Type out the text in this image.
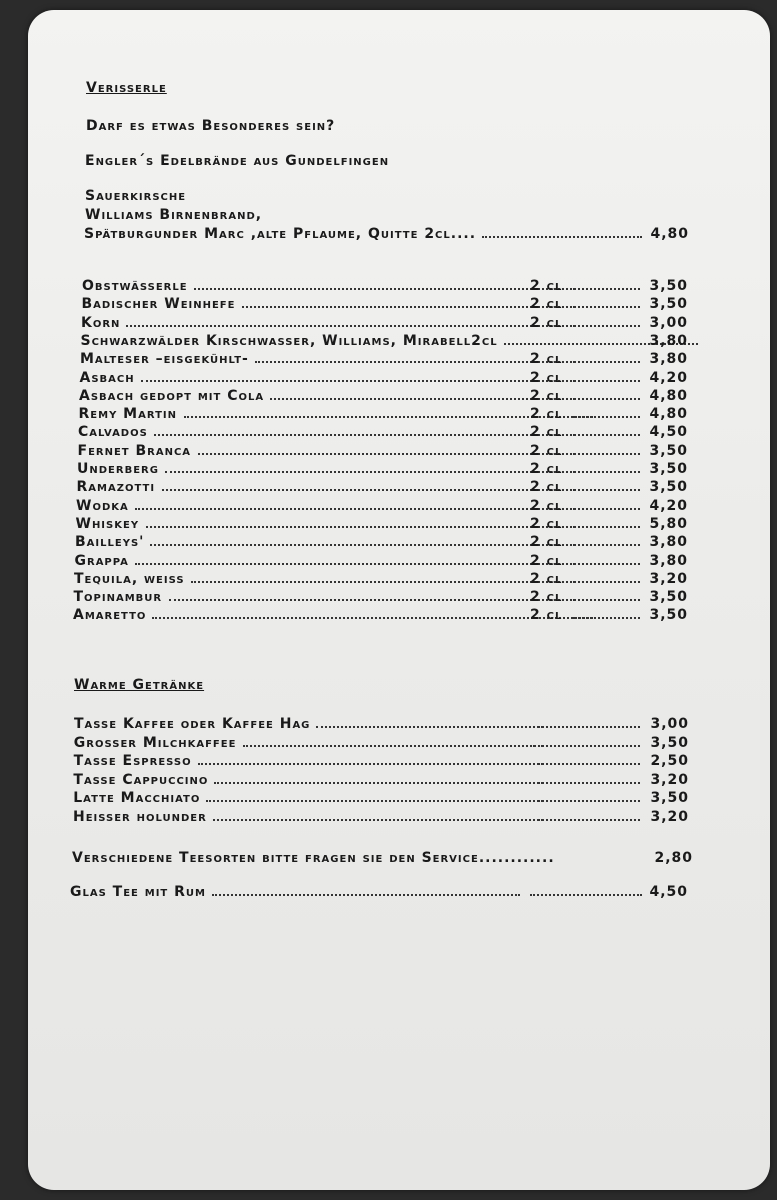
Verisserle

Darf es etwas Besonderes sein?

Engler´s Edelbrände aus Gundelfingen

Sauerkirsche

Williams Birnenbrand,

Spätburgunder Marc ,alte Pflaume, Quitte 2cl....	4,80

Obstwässerle	2 cl	3,50

Badischer Weinhefe	2 cl	3,50

Korn	2 cl	3,00

Schwarzwälder Kirschwasser, Williams, Mirabell2cl	3,80

Malteser –eisgekühlt-	2 cl	3,80

Asbach	2 cl	4,20

Asbach gedopt mit Cola	2 cl	4,80

Remy Martin	2 cl	4,80

Calvados	2 cl	4,50

Fernet Branca	2 cl	3,50

Underberg	2 cl	3,50

Ramazotti	2 cl	3,50

Wodka	2 cl	4,20

Whiskey	2 cl	5,80

Bailleys'	2 cl	3,80

Grappa	2 cl	3,80

Tequila, weiss	2 cl	3,20

Topinambur	2 cl	3,50

Amaretto	2 cl	3,50

Warme Getränke

Tasse Kaffee oder Kaffee Hag	3,00

Grosser Milchkaffee	3,50

Tasse Espresso	2,50

Tasse Cappuccino	3,20

Latte Macchiato	3,50

Heisser holunder	3,20

Verschiedene Teesorten bitte fragen sie den Service............	2,80

Glas Tee mit Rum	4,50
